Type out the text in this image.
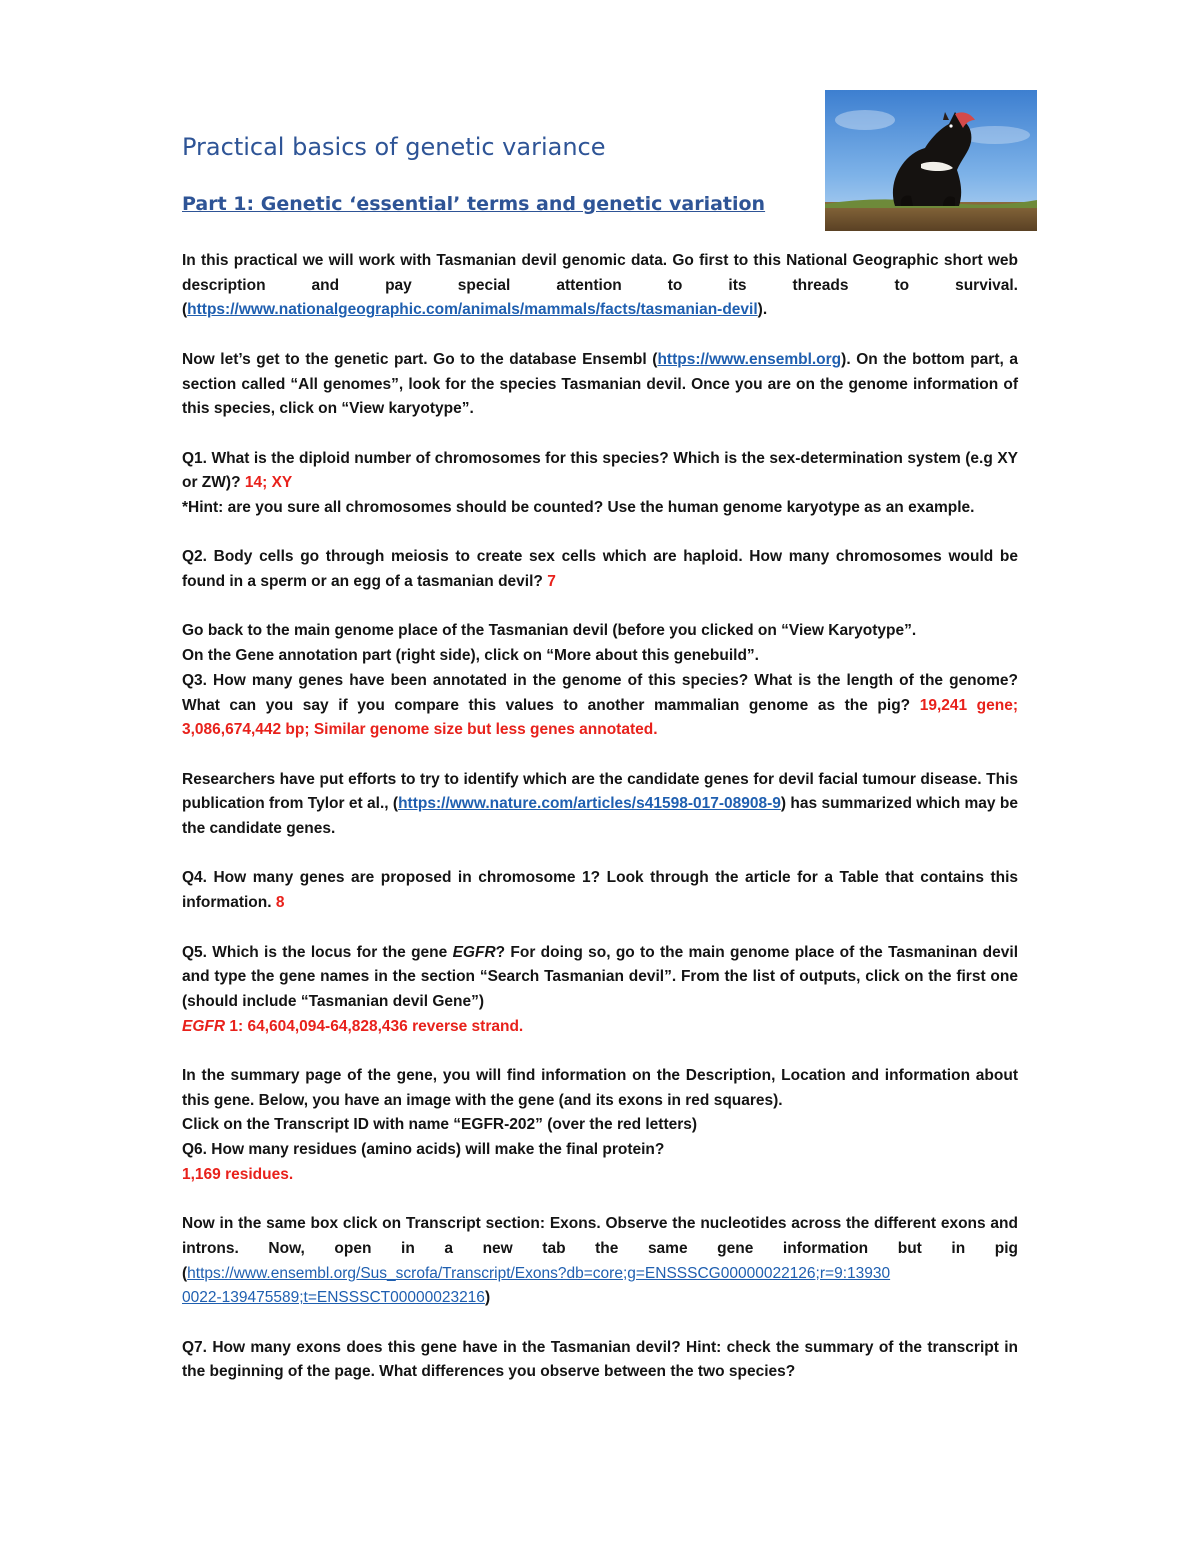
Practical basics of genetic variance
Part 1: Genetic ‘essential’ terms and genetic variation

In this practical we will work with Tasmanian devil genomic data. Go first to this National Geographic short web description and pay special attention to its threads to survival. (https://www.nationalgeographic.com/animals/mammals/facts/tasmanian-devil).

Now let’s get to the genetic part. Go to the database Ensembl (https://www.ensembl.org). On the bottom part, a section called “All genomes”, look for the species Tasmanian devil. Once you are on the genome information of this species, click on “View karyotype”.

Q1. What is the diploid number of chromosomes for this species? Which is the sex-determination system (e.g XY or ZW)? 14; XY
*Hint: are you sure all chromosomes should be counted? Use the human genome karyotype as an example.

Q2. Body cells go through meiosis to create sex cells which are haploid. How many chromosomes would be found in a sperm or an egg of a tasmanian devil? 7

Go back to the main genome place of the Tasmanian devil (before you clicked on “View Karyotype”.
On the Gene annotation part (right side), click on “More about this genebuild”.
Q3. How many genes have been annotated in the genome of this species? What is the length of the genome? What can you say if you compare this values to another mammalian genome as the pig? 19,241 gene; 3,086,674,442 bp; Similar genome size but less genes annotated.

Researchers have put efforts to try to identify which are the candidate genes for devil facial tumour disease. This publication from Tylor et al., (https://www.nature.com/articles/s41598-017-08908-9) has summarized which may be the candidate genes.

Q4. How many genes are proposed in chromosome 1? Look through the article for a Table that contains this information. 8

Q5. Which is the locus for the gene EGFR? For doing so, go to the main genome place of the Tasmaninan devil and type the gene names in the section “Search Tasmanian devil”. From the list of outputs, click on the first one (should include “Tasmanian devil Gene”)
EGFR 1: 64,604,094-64,828,436 reverse strand.

In the summary page of the gene, you will find information on the Description, Location and information about this gene. Below, you have an image with the gene (and its exons in red squares).
Click on the Transcript ID with name “EGFR-202” (over the red letters)
Q6. How many residues (amino acids) will make the final protein?
1,169 residues.

Now in the same box click on Transcript section: Exons. Observe the nucleotides across the different exons and introns. Now, open in a new tab the same gene information but in pig (https://www.ensembl.org/Sus_scrofa/Transcript/Exons?db=core;g=ENSSSCG00000022126;r=9:13930
0022-139475589;t=ENSSSCT00000023216)

Q7. How many exons does this gene have in the Tasmanian devil? Hint: check the summary of the transcript in the beginning of the page. What differences you observe between the two species?
